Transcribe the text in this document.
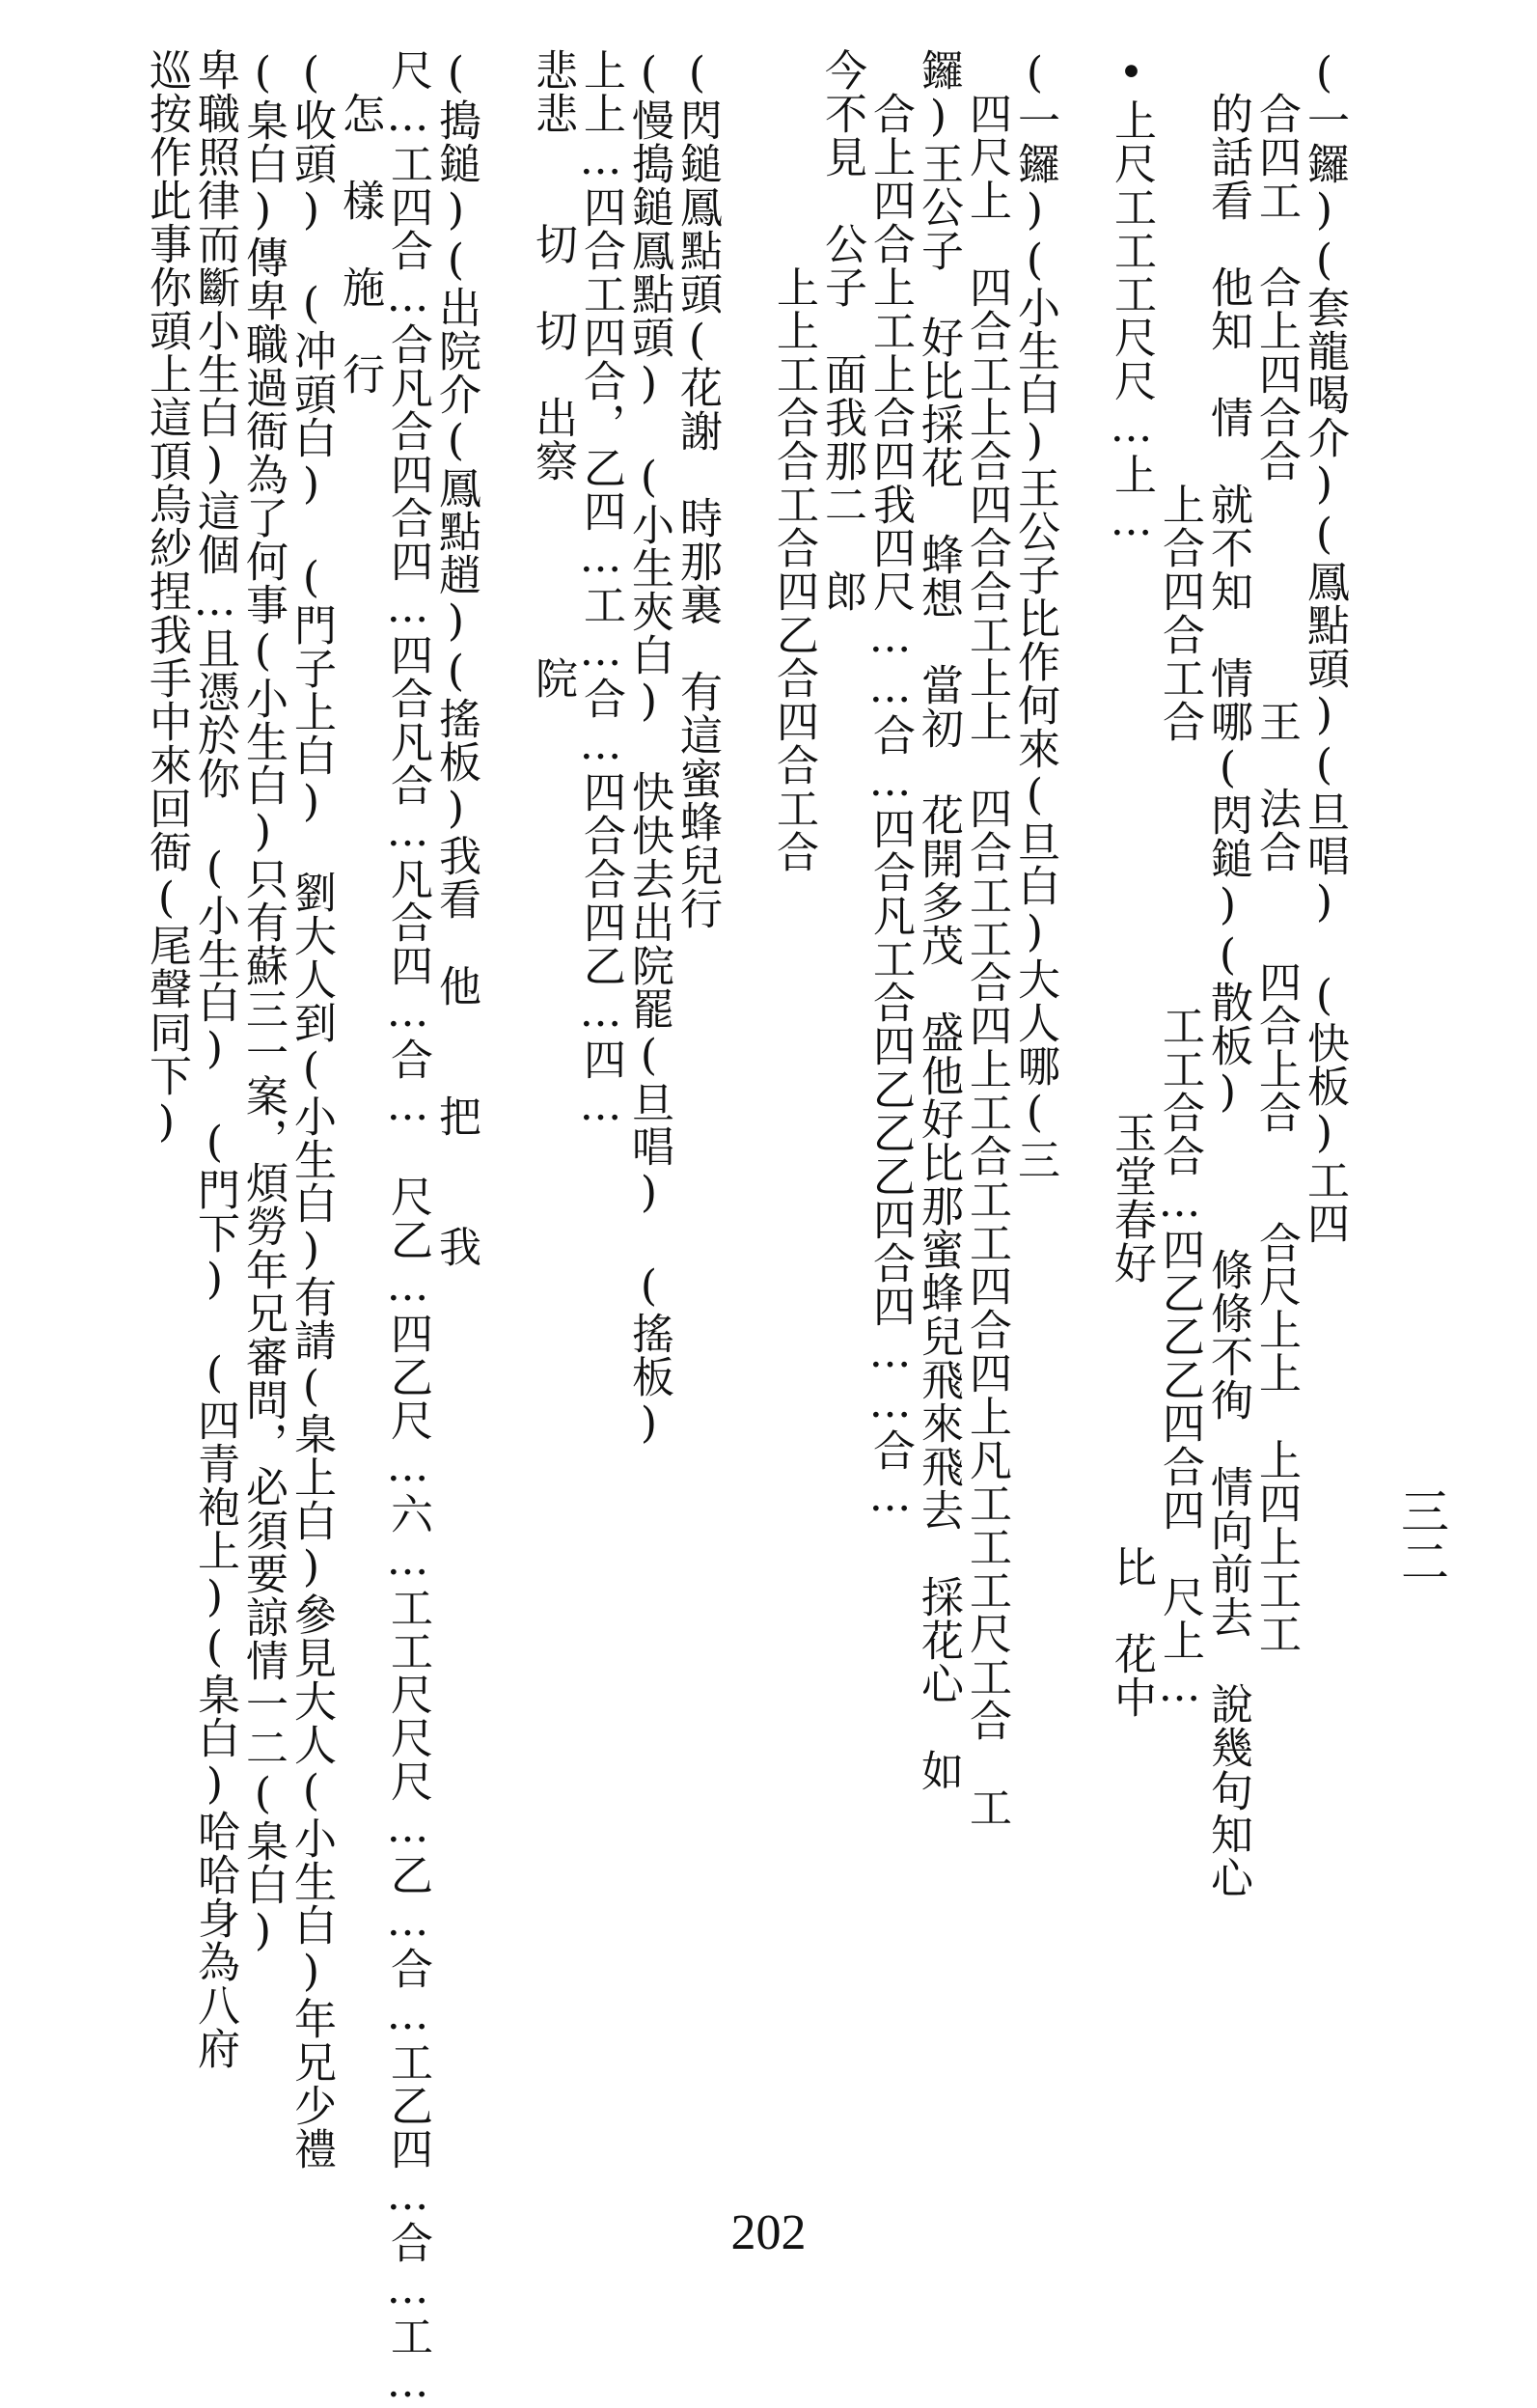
三二
(一鑼)(套龍喝介)(鳳點頭)(旦唱)　(快板)工四
　合四工　合上四合合　　　　　王　法合　　四合上合　　合尺上上　上四上工工
　的話看　他知　情　就不知　情哪(閃鎚)(散板)　　　條條不徇　情向前去　說幾句知心
　　　　　　　　　　上合四合工合　　　　　　工工合合…四乙乙乙四合四　尺上…
•上尺工工工尺尺…上…　　　　　　　　　　　　　玉堂春好　　　　　　比　花中
(一鑼)(小生白)王公子比作何來(旦白)大人哪(三
　四尺上　四合工上合四合合工上上　四合工工合四上工合工工四合四上凡工工工尺工合　工
鑼)王公子　好比採花　蜂想　當初　花開多茂　盛他好比那蜜蜂兒飛來飛去　採花心　如
　合上四合上工上合四我四尺……合…四合凡工合四乙乙乙四合四……合…
今不見　公子　面我那二　郎
　　　　　上上工合合工合四乙合四合工合
(閃鎚鳳點頭(花謝　時那裏　有這蜜蜂兒行
(慢搗鎚鳳點頭)　(小生夾白)　快快去出院罷(旦唱)　(搖板)
上上…四合工四合，乙四…工…合…四合合四乙…四…
悲悲　　切　切　出察　　　　院
(搗鎚)(出院介(鳳點趙)(搖板)我看　他　　把　　我
尺…工四合…合凡合四合四…四合凡合…凡合四…合…　尺乙…四乙尺…六…工工尺尺尺…乙…合…工乙四…合…工…
　怎　樣　施　行
(收頭)　(冲頭白)　(門子上白)　劉大人到(小生白)有請(臬上白)參見大人(小生白)年兄少禮
(臬白)傳卑職過衙為了何事(小生白)只有蘇三一案，煩勞年兄審問，必須要諒情一二(臬白)
卑職照律而斷小生白)這個…且憑於你　(小生白)　(門下)　(四青袍上)(臬白)哈哈身為八府
巡按作此事你頭上這頂烏紗捏我手中來回衙(尾聲同下)
202
